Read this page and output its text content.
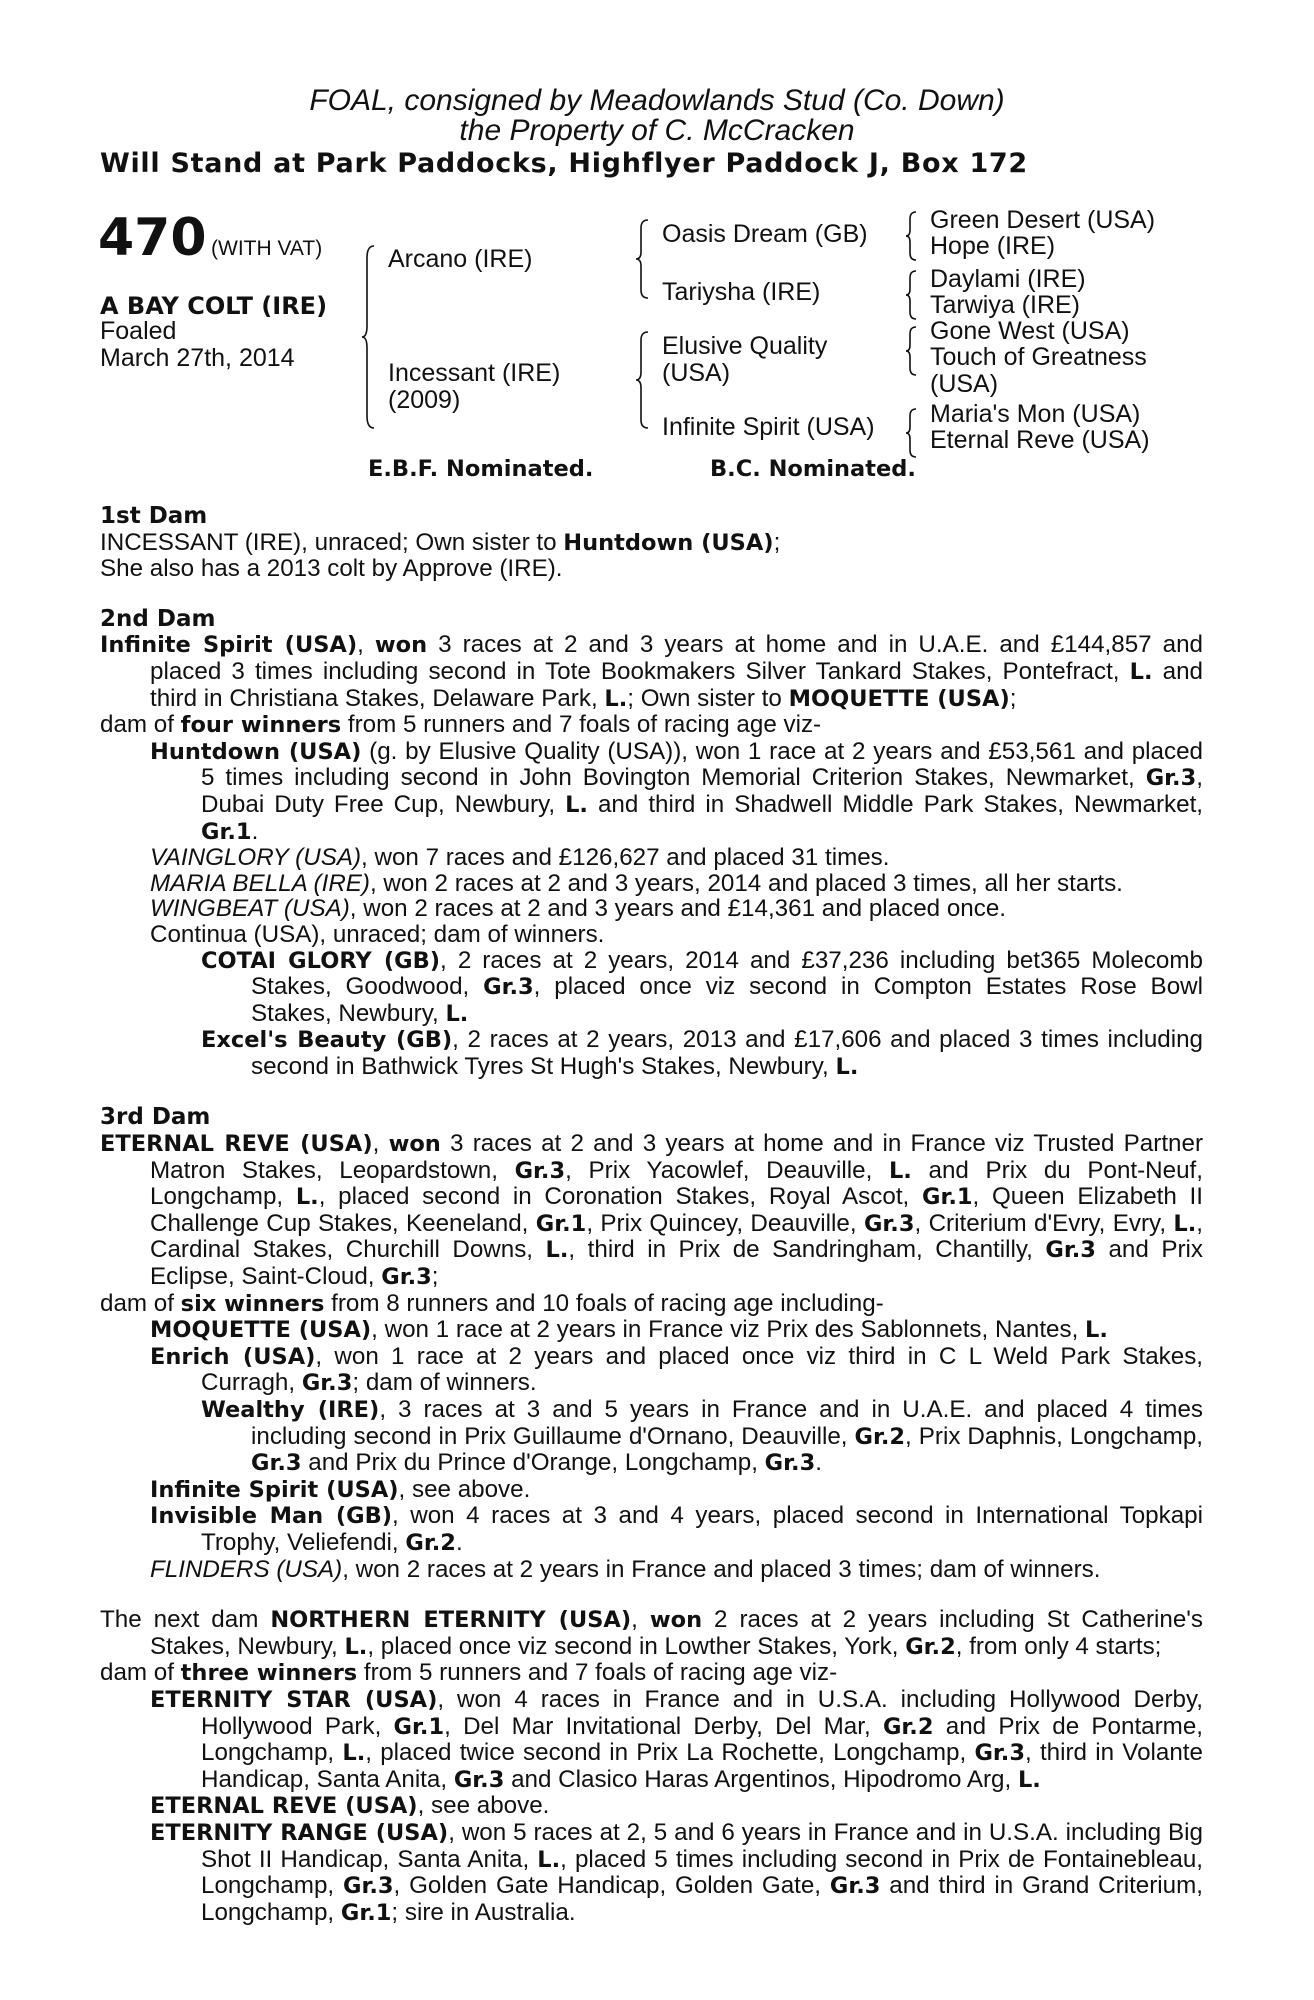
FOAL, consigned by Meadowlands Stud (Co. Down)
the Property of C. McCracken
Will Stand at Park Paddocks, Highflyer Paddock J, Box 172
470 (WITH VAT)
A BAY COLT (IRE)
Foaled
March 27th, 2014
Arcano (IRE)
Incessant (IRE)
(2009)
Oasis Dream (GB)
Tariysha (IRE)
Elusive Quality
(USA)
Infinite Spirit (USA)
Green Desert (USA)
Hope (IRE)
Daylami (IRE)
Tarwiya (IRE)
Gone West (USA)
Touch of Greatness
(USA)
Maria's Mon (USA)
Eternal Reve (USA)
E.B.F. Nominated.	B.C. Nominated.

1st Dam

INCESSANT (IRE), unraced; Own sister to Huntdown (USA);

She also has a 2013 colt by Approve (IRE).

2nd Dam

Infinite Spirit (USA), won 3 races at 2 and 3 years at home and in U.A.E. and £144,857 and placed 3 times including second in Tote Bookmakers Silver Tankard Stakes, Pontefract, L. and third in Christiana Stakes, Delaware Park, L.; Own sister to MOQUETTE (USA);

dam of four winners from 5 runners and 7 foals of racing age viz-

Huntdown (USA) (g. by Elusive Quality (USA)), won 1 race at 2 years and £53,561 and placed 5 times including second in John Bovington Memorial Criterion Stakes, Newmarket, Gr.3, Dubai Duty Free Cup, Newbury, L. and third in Shadwell Middle Park Stakes, Newmarket, Gr.1.

VAINGLORY (USA), won 7 races and £126,627 and placed 31 times.

MARIA BELLA (IRE), won 2 races at 2 and 3 years, 2014 and placed 3 times, all her starts.

WINGBEAT (USA), won 2 races at 2 and 3 years and £14,361 and placed once.

Continua (USA), unraced; dam of winners.

COTAI GLORY (GB), 2 races at 2 years, 2014 and £37,236 including bet365 Molecomb Stakes, Goodwood, Gr.3, placed once viz second in Compton Estates Rose Bowl Stakes, Newbury, L.

Excel's Beauty (GB), 2 races at 2 years, 2013 and £17,606 and placed 3 times including second in Bathwick Tyres St Hugh's Stakes, Newbury, L.

3rd Dam

ETERNAL REVE (USA), won 3 races at 2 and 3 years at home and in France viz Trusted Partner Matron Stakes, Leopardstown, Gr.3, Prix Yacowlef, Deauville, L. and Prix du Pont-Neuf, Longchamp, L., placed second in Coronation Stakes, Royal Ascot, Gr.1, Queen Elizabeth II Challenge Cup Stakes, Keeneland, Gr.1, Prix Quincey, Deauville, Gr.3, Criterium d'Evry, Evry, L., Cardinal Stakes, Churchill Downs, L., third in Prix de Sandringham, Chantilly, Gr.3 and Prix Eclipse, Saint-Cloud, Gr.3;

dam of six winners from 8 runners and 10 foals of racing age including-

MOQUETTE (USA), won 1 race at 2 years in France viz Prix des Sablonnets, Nantes, L.

Enrich (USA), won 1 race at 2 years and placed once viz third in C L Weld Park Stakes, Curragh, Gr.3; dam of winners.

Wealthy (IRE), 3 races at 3 and 5 years in France and in U.A.E. and placed 4 times including second in Prix Guillaume d'Ornano, Deauville, Gr.2, Prix Daphnis, Longchamp, Gr.3 and Prix du Prince d'Orange, Longchamp, Gr.3.

Infinite Spirit (USA), see above.

Invisible Man (GB), won 4 races at 3 and 4 years, placed second in International Topkapi Trophy, Veliefendi, Gr.2.

FLINDERS (USA), won 2 races at 2 years in France and placed 3 times; dam of winners.

The next dam NORTHERN ETERNITY (USA), won 2 races at 2 years including St Catherine's Stakes, Newbury, L., placed once viz second in Lowther Stakes, York, Gr.2, from only 4 starts;

dam of three winners from 5 runners and 7 foals of racing age viz-

ETERNITY STAR (USA), won 4 races in France and in U.S.A. including Hollywood Derby, Hollywood Park, Gr.1, Del Mar Invitational Derby, Del Mar, Gr.2 and Prix de Pontarme, Longchamp, L., placed twice second in Prix La Rochette, Longchamp, Gr.3, third in Volante Handicap, Santa Anita, Gr.3 and Clasico Haras Argentinos, Hipodromo Arg, L.

ETERNAL REVE (USA), see above.

ETERNITY RANGE (USA), won 5 races at 2, 5 and 6 years in France and in U.S.A. including Big Shot II Handicap, Santa Anita, L., placed 5 times including second in Prix de Fontainebleau, Longchamp, Gr.3, Golden Gate Handicap, Golden Gate, Gr.3 and third in Grand Criterium, Longchamp, Gr.1; sire in Australia.
